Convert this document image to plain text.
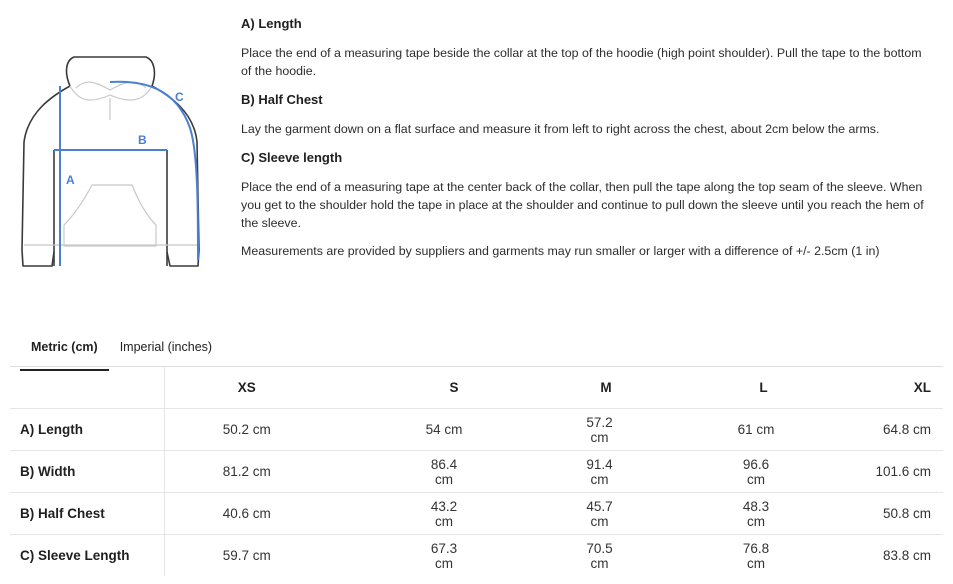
A
B
C
A) Length
Place the end of a measuring tape beside the collar at the top of the hoodie (high point shoulder). Pull the tape to the bottom of the hoodie.
B) Half Chest
Lay the garment down on a flat surface and measure it from left to right across the chest, about 2cm below the arms.
C) Sleeve length
Place the end of a measuring tape at the center back of the collar, then pull the tape along the top seam of the sleeve. When you get to the shoulder hold the tape in place at the shoulder and continue to pull down the sleeve until you reach the hem of the sleeve.
Measurements are provided by suppliers and garments may run smaller or larger with a difference of +/- 2.5cm (1 in)
Metric (cm)	Imperial (inches)
	XS	S	M	L	XL
A) Length	50.2 cm	54 cm	57.2 cm	61 cm	64.8 cm
B) Width	81.2 cm	86.4 cm	91.4 cm	96.6 cm	101.6 cm
B) Half Chest	40.6 cm	43.2 cm	45.7 cm	48.3 cm	50.8 cm
C) Sleeve Length	59.7 cm	67.3 cm	70.5 cm	76.8 cm	83.8 cm
